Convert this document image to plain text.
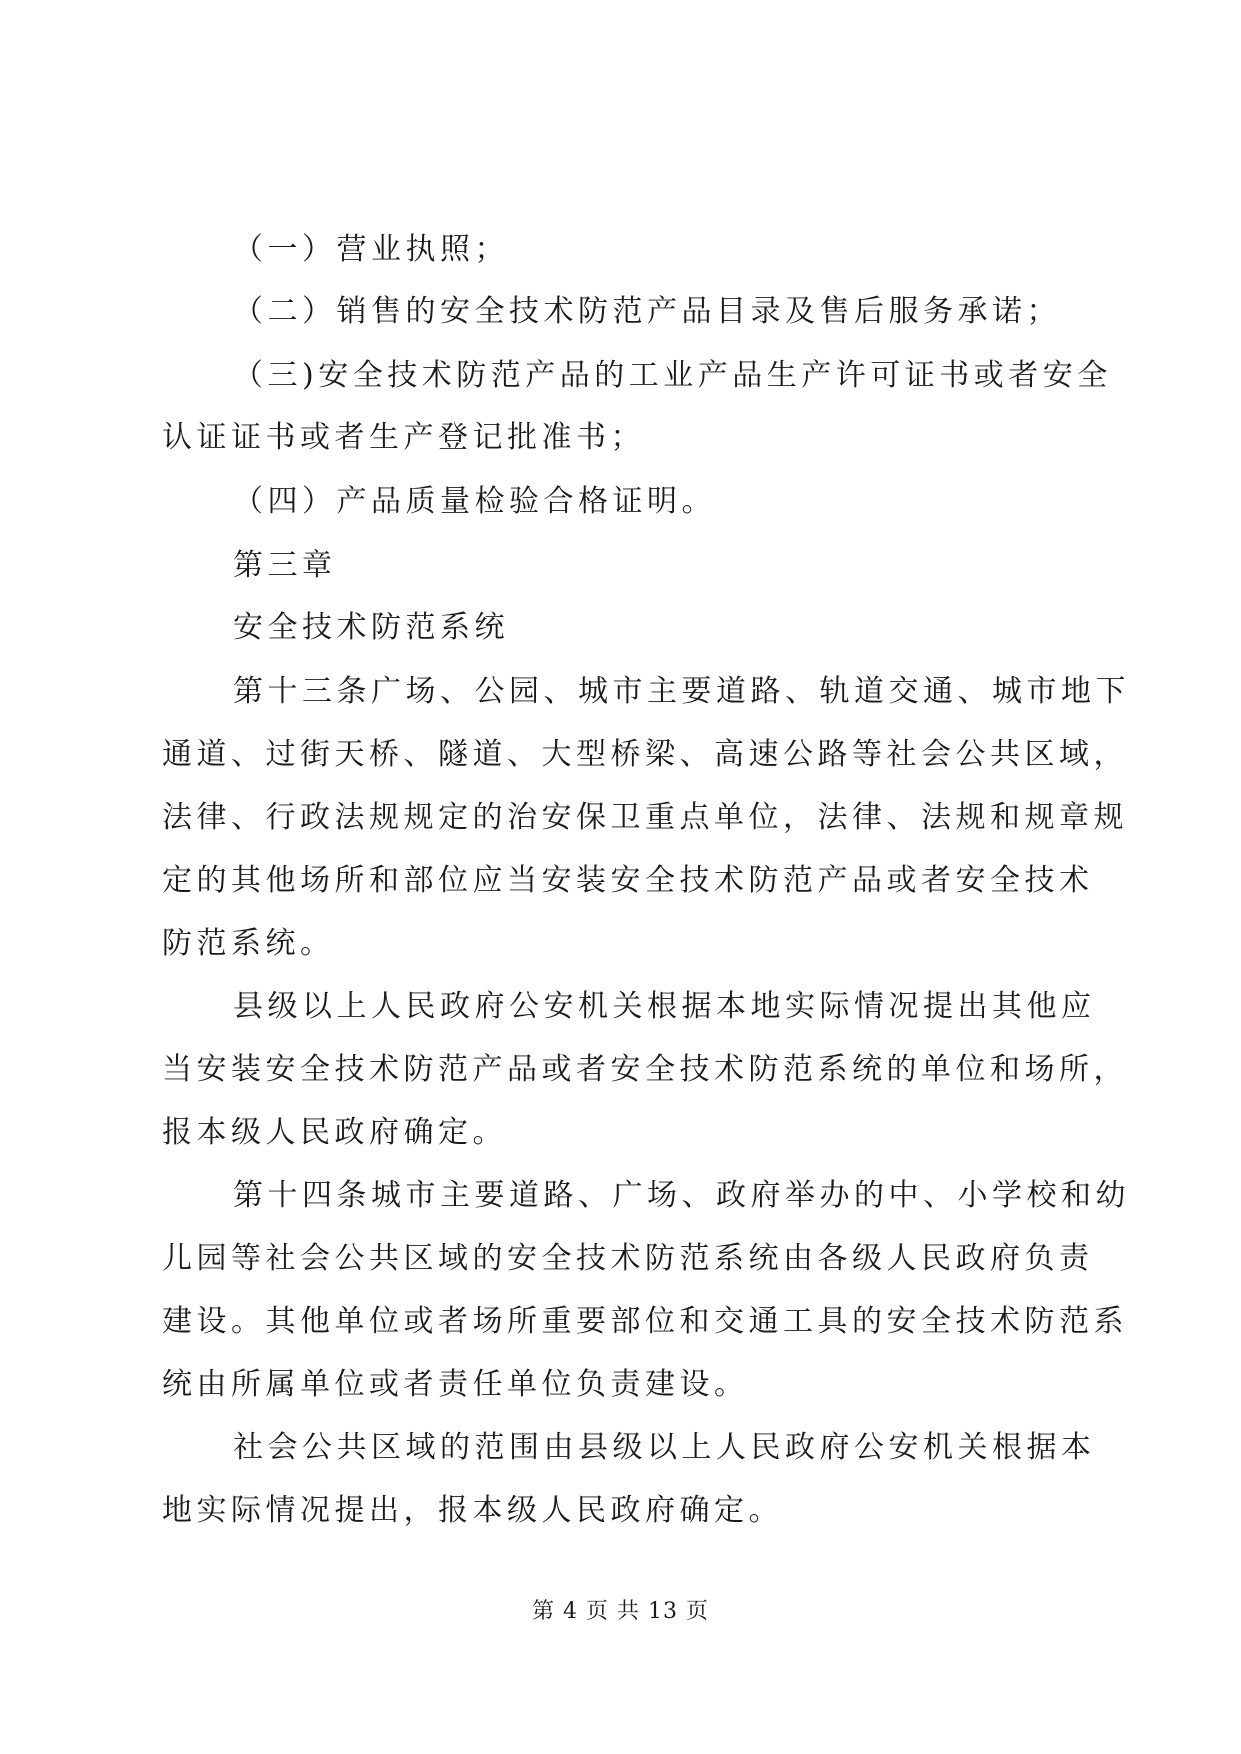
（一）营业执照；
（二）销售的安全技术防范产品目录及售后服务承诺；
（三)安全技术防范产品的工业产品生产许可证书或者安全
认证证书或者生产登记批准书；
（四）产品质量检验合格证明。
第三章
安全技术防范系统
第十三条广场、公园、城市主要道路、轨道交通、城市地下
通道、过街天桥、隧道、大型桥梁、高速公路等社会公共区域，
法律、行政法规规定的治安保卫重点单位，法律、法规和规章规
定的其他场所和部位应当安装安全技术防范产品或者安全技术
防范系统。
县级以上人民政府公安机关根据本地实际情况提出其他应
当安装安全技术防范产品或者安全技术防范系统的单位和场所，
报本级人民政府确定。
第十四条城市主要道路、广场、政府举办的中、小学校和幼
儿园等社会公共区域的安全技术防范系统由各级人民政府负责
建设。其他单位或者场所重要部位和交通工具的安全技术防范系
统由所属单位或者责任单位负责建设。
社会公共区域的范围由县级以上人民政府公安机关根据本
地实际情况提出，报本级人民政府确定。
第 4 页 共 13 页
